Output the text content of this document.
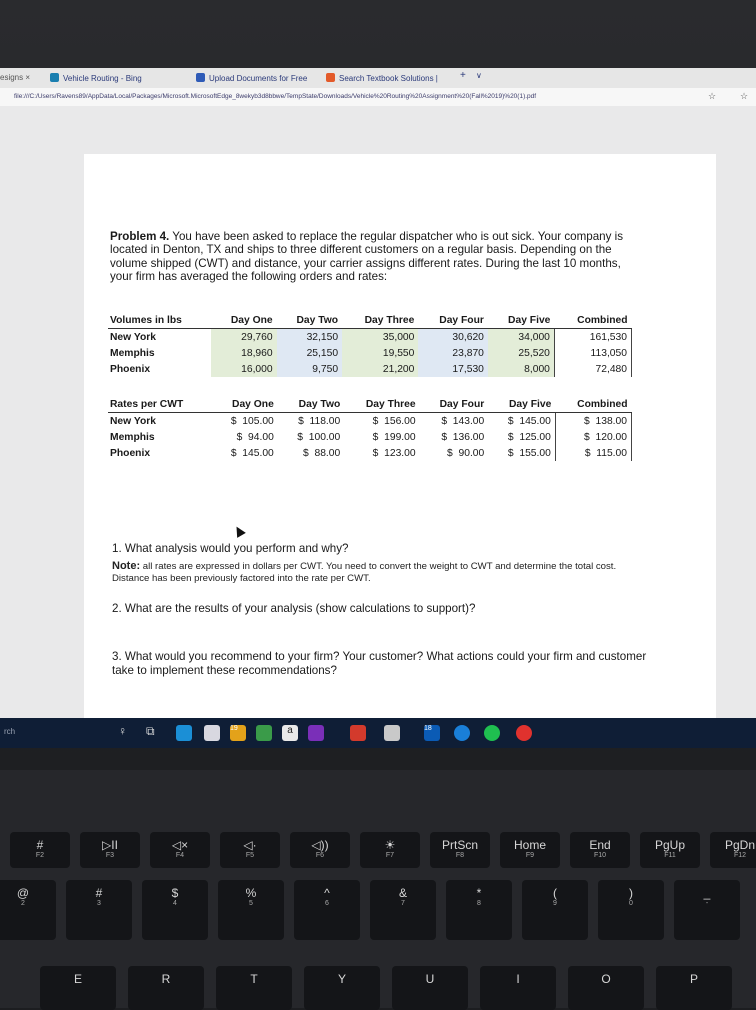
esigns ×	Vehicle Routing - Bing	Upload Documents for Free	Search Textbook Solutions | + ∨
file:///C:/Users/Ravens89/AppData/Local/Packages/Microsoft.MicrosoftEdge_8wekyb3d8bbwe/TempState/Downloads/Vehicle%20Routing%20Assignment%20(Fall%2019)%20(1).pdf	☆	☆
Problem 4. You have been asked to replace the regular dispatcher who is out sick. Your company is located in Denton, TX and ships to three different customers on a regular basis. Depending on the volume shipped (CWT) and distance, your carrier assigns different rates. During the last 10 months, your firm has averaged the following orders and rates:
Volumes in lbs	Day One	Day Two	Day Three	Day Four	Day Five	Combined
New York	29,760	32,150	35,000	30,620	34,000	161,530
Memphis	18,960	25,150	19,550	23,870	25,520	113,050
Phoenix	16,000	9,750	21,200	17,530	8,000	72,480
Rates per CWT	Day One	Day Two	Day Three	Day Four	Day Five	Combined
New York	$  105.00	$  118.00	$  156.00	$  143.00	$  145.00	$  138.00
Memphis	$  94.00	$  100.00	$  199.00	$  136.00	$  125.00	$  120.00
Phoenix	$  145.00	$  88.00	$  123.00	$  90.00	$  155.00	$  115.00
Note: all rates are expressed in dollars per CWT. You need to convert the weight to CWT and determine the total cost. Distance has been previously factored into the rate per CWT.
1. What analysis would you perform and why?
2. What are the results of your analysis (show calculations to support)?
3. What would you recommend to your firm? Your customer? What actions could your firm and customer take to implement these recommendations?
rch	♀	⧉	19	a	18
#
F2
▷II
F3
◁×
F4
◁·
F5
◁))
F6
☀
F7
PrtScn
F8
Home
F9
End
F10
PgUp
F11
PgDn
F12
@
2
#
3
$
4
%
5
^
6
&
7
*
8
(
9
)
0
_
-
E	R	T	Y	U	I	O	P
